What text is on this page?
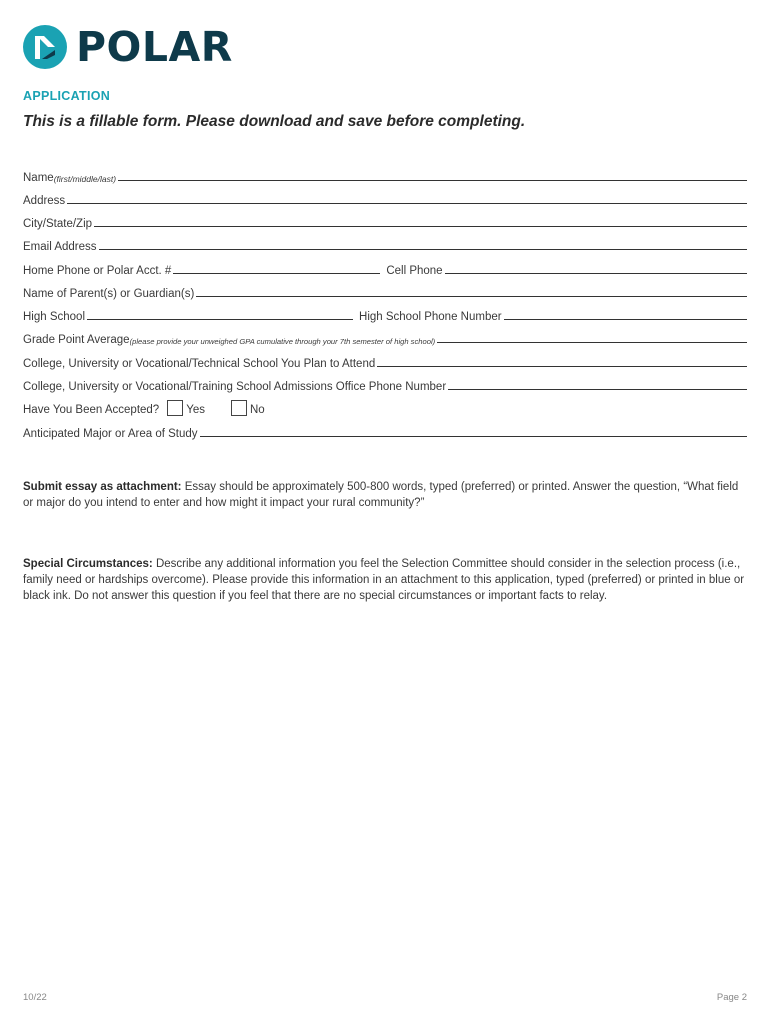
POLAR
APPLICATION
This is a fillable form. Please download and save before completing.
Name (first/middle/last)
Address
City/State/Zip
Email Address
Home Phone or Polar Acct. #	Cell Phone
Name of Parent(s) or Guardian(s)
High School	High School Phone Number
Grade Point Average (please provide your unweighed GPA cumulative through your 7th semester of high school)
College, University or Vocational/Technical School You Plan to Attend
College, University or Vocational/Training School Admissions Office Phone Number
Have You Been Accepted? Yes	No
Anticipated Major or Area of Study
Submit essay as attachment: Essay should be approximately 500-800 words, typed (preferred) or printed. Answer the question, “What field or major do you intend to enter and how might it impact your rural community?”
Special Circumstances: Describe any additional information you feel the Selection Committee should consider in the selection process (i.e., family need or hardships overcome). Please provide this information in an attachment to this application, typed (preferred) or printed in blue or black ink. Do not answer this question if you feel that there are no special circumstances or important facts to relay.
10/22	Page 2
